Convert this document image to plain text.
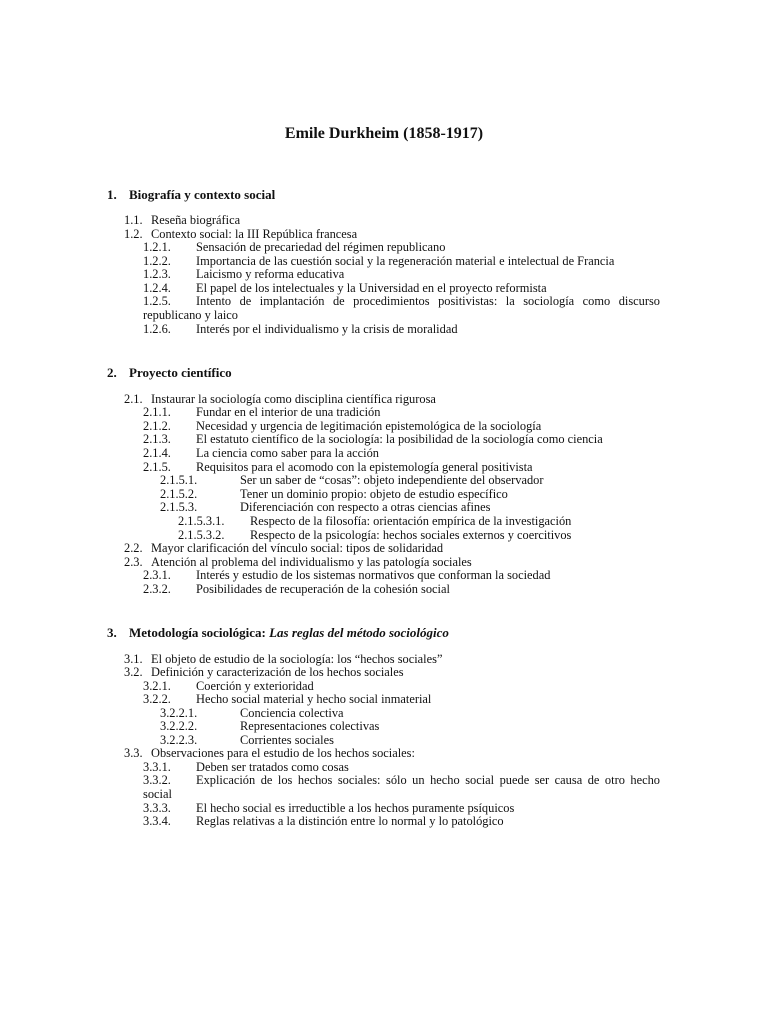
Emile Durkheim (1858-1917)
1. Biografía y contexto social
1.1. Reseña biográfica
1.2. Contexto social: la III República francesa
1.2.1. Sensación de precariedad del régimen republicano
1.2.2. Importancia de las cuestión social y la regeneración material e intelectual de Francia
1.2.3. Laicismo y reforma educativa
1.2.4. El papel de los intelectuales y la Universidad en el proyecto reformista
1.2.5. Intento de implantación de procedimientos positivistas: la sociología como discurso
republicano y laico
1.2.6. Interés por el individualismo y la crisis de moralidad
2. Proyecto científico
2.1. Instaurar la sociología como disciplina científica rigurosa
2.1.1. Fundar en el interior de una tradición
2.1.2. Necesidad y urgencia de legitimación epistemológica de la sociología
2.1.3. El estatuto científico de la sociología: la posibilidad de la sociología como ciencia
2.1.4. La ciencia como saber para la acción
2.1.5. Requisitos para el acomodo con la epistemología general positivista
2.1.5.1.	Ser un saber de “cosas”: objeto independiente del observador
2.1.5.2.	Tener un dominio propio: objeto de estudio específico
2.1.5.3.	Diferenciación con respecto a otras ciencias afines
2.1.5.3.1. Respecto de la filosofía: orientación empírica de la investigación
2.1.5.3.2. Respecto de la psicología: hechos sociales externos y coercitivos
2.2. Mayor clarificación del vínculo social: tipos de solidaridad
2.3. Atención al problema del individualismo y las patología sociales
2.3.1. Interés y estudio de los sistemas normativos que conforman la sociedad
2.3.2. Posibilidades de recuperación de la cohesión social
3. Metodología sociológica: Las reglas del método sociológico
3.1. El objeto de estudio de la sociología: los “hechos sociales”
3.2. Definición y caracterización de los hechos sociales
3.2.1. Coerción y exterioridad
3.2.2. Hecho social material y hecho social inmaterial
3.2.2.1.	Conciencia colectiva
3.2.2.2.	Representaciones colectivas
3.2.2.3.	Corrientes sociales
3.3. Observaciones para el estudio de los hechos sociales:
3.3.1. Deben ser tratados como cosas
3.3.2. Explicación de los hechos sociales: sólo un hecho social puede ser causa de otro hecho
social
3.3.3. El hecho social es irreductible a los hechos puramente psíquicos
3.3.4. Reglas relativas a la distinción entre lo normal y lo patológico
